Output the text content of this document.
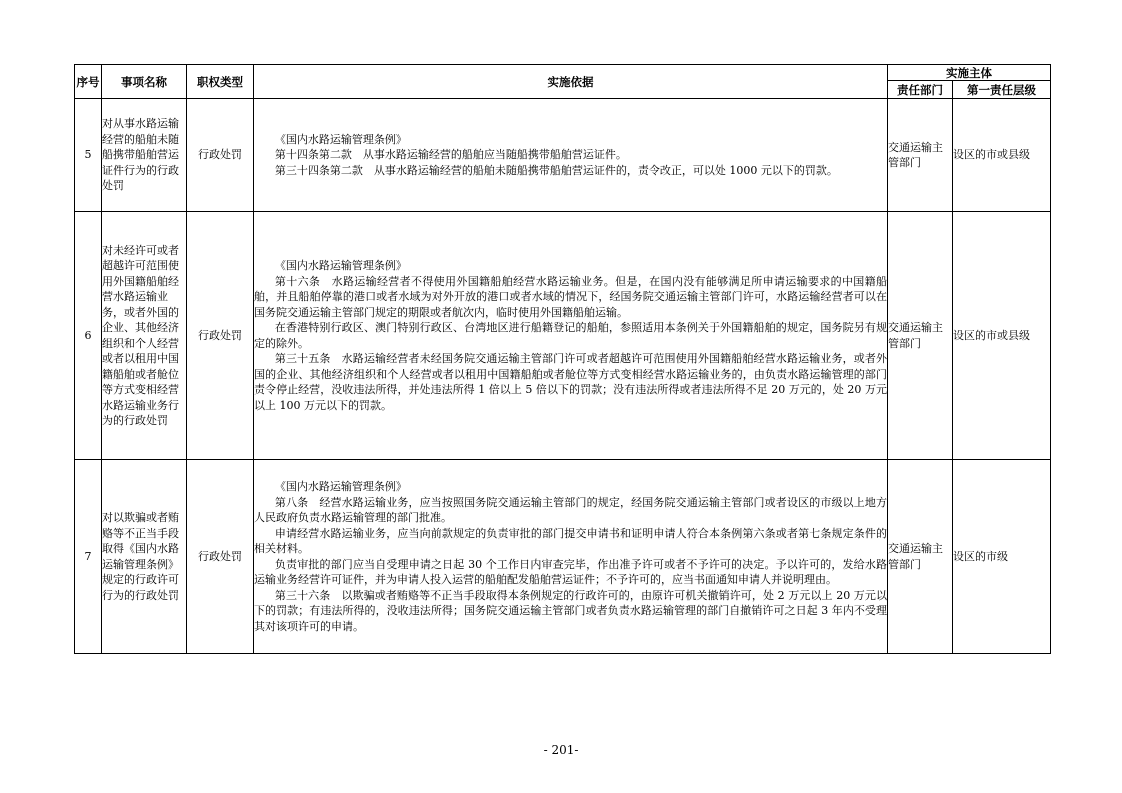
序号	事项名称	职权类型	实施依据	实施主体	
				责任部门	第一责任层级
5	对从事水路运输经营的船舶未随船携带船舶营运证件行为的行政处罚	行政处罚	《国内水路运输管理条例》

第十四条第二款　从事水路运输经营的船舶应当随船携带船舶营运证件。

第三十四条第二款　从事水路运输经营的船舶未随船携带船舶营运证件的，责令改正，可以处 1000 元以下的罚款。	交通运输主管部门	设区的市或县级
6	对未经许可或者超越许可范围使用外国籍船舶经营水路运输业务，或者外国的企业、其他经济组织和个人经营或者以租用中国籍船舶或者舱位等方式变相经营水路运输业务行为的行政处罚	行政处罚	《国内水路运输管理条例》

第十六条　水路运输经营者不得使用外国籍船舶经营水路运输业务。但是，在国内没有能够满足所申请运输要求的中国籍船舶，并且船舶停靠的港口或者水域为对外开放的港口或者水域的情况下，经国务院交通运输主管部门许可，水路运输经营者可以在国务院交通运输主管部门规定的期限或者航次内，临时使用外国籍船舶运输。

在香港特别行政区、澳门特别行政区、台湾地区进行船籍登记的船舶，参照适用本条例关于外国籍船舶的规定，国务院另有规定的除外。

第三十五条　水路运输经营者未经国务院交通运输主管部门许可或者超越许可范围使用外国籍船舶经营水路运输业务，或者外国的企业、其他经济组织和个人经营或者以租用中国籍船舶或者舱位等方式变相经营水路运输业务的，由负责水路运输管理的部门责令停止经营，没收违法所得，并处违法所得 1 倍以上 5 倍以下的罚款；没有违法所得或者违法所得不足 20 万元的，处 20 万元以上 100 万元以下的罚款。	交通运输主管部门	设区的市或县级
7	对以欺骗或者贿赂等不正当手段取得《国内水路运输管理条例》规定的行政许可行为的行政处罚	行政处罚	《国内水路运输管理条例》

第八条　经营水路运输业务，应当按照国务院交通运输主管部门的规定，经国务院交通运输主管部门或者设区的市级以上地方人民政府负责水路运输管理的部门批准。

申请经营水路运输业务，应当向前款规定的负责审批的部门提交申请书和证明申请人符合本条例第六条或者第七条规定条件的相关材料。

负责审批的部门应当自受理申请之日起 30 个工作日内审查完毕，作出准予许可或者不予许可的决定。予以许可的，发给水路运输业务经营许可证件，并为申请人投入运营的船舶配发船舶营运证件；不予许可的，应当书面通知申请人并说明理由。

第三十六条　以欺骗或者贿赂等不正当手段取得本条例规定的行政许可的，由原许可机关撤销许可，处 2 万元以上 20 万元以下的罚款；有违法所得的，没收违法所得；国务院交通运输主管部门或者负责水路运输管理的部门自撤销许可之日起 3 年内不受理其对该项许可的申请。	交通运输主管部门	设区的市级
- 201-
